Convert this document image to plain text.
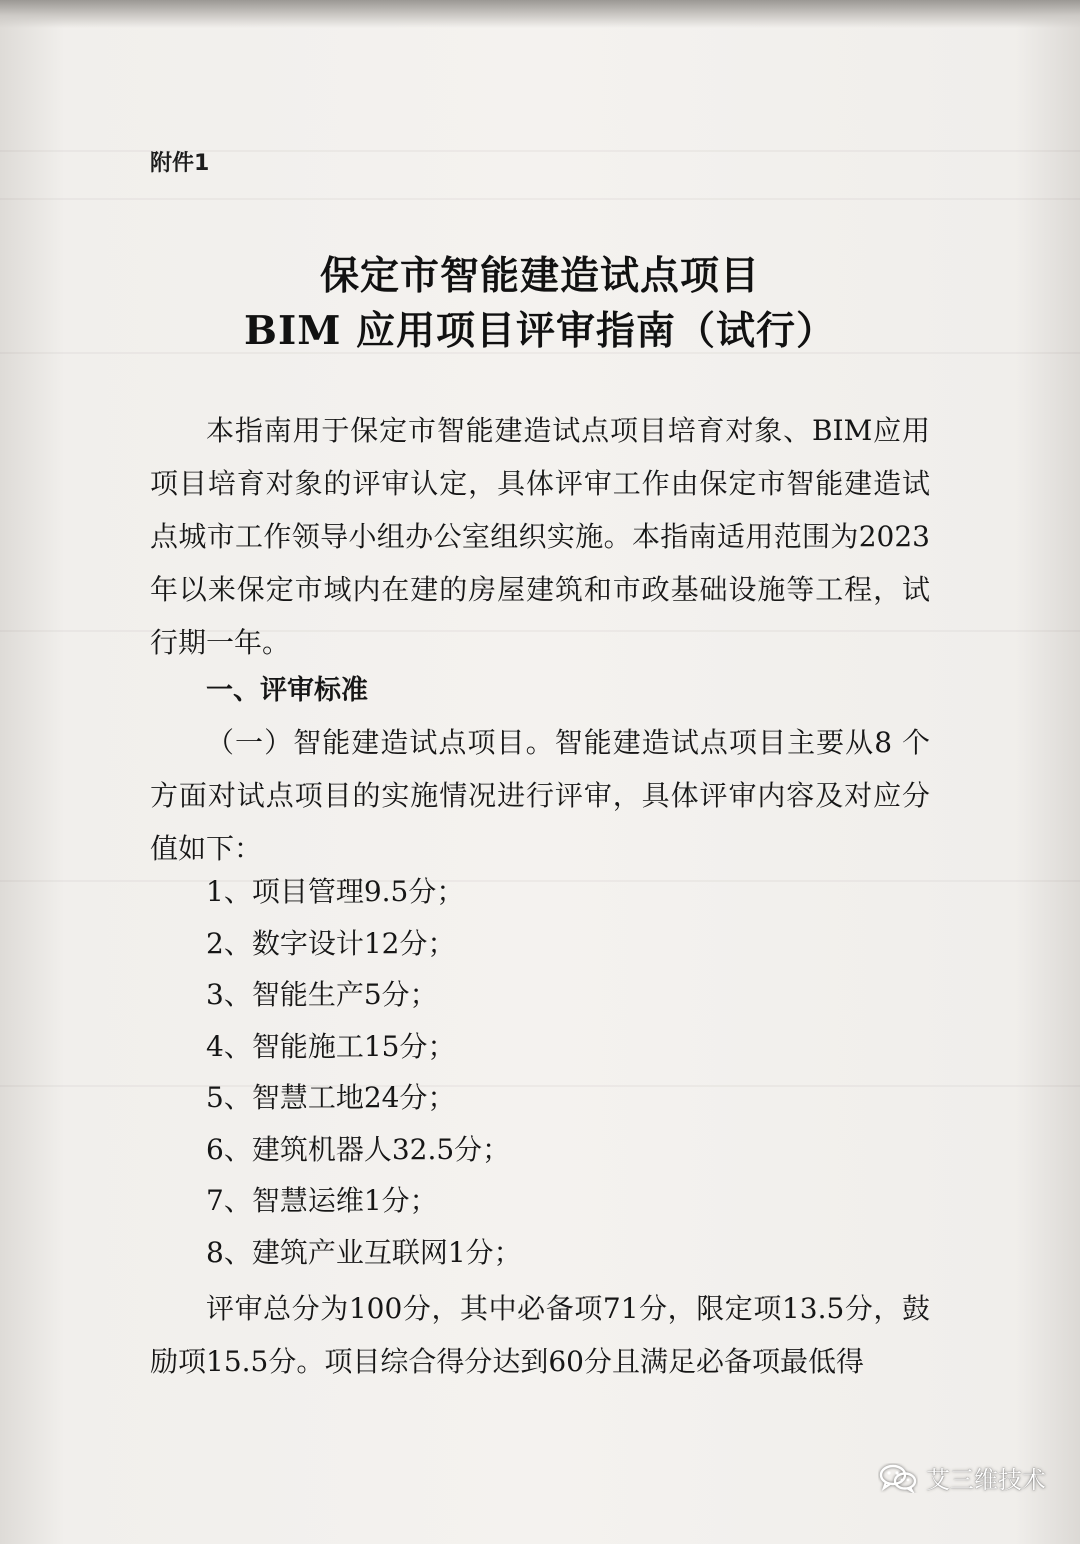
附件1

保定市智能建造试点项目
BIM 应用项目评审指南（试行）

本指南用于保定市智能建造试点项目培育对象、BIM应用项目培育对象的评审认定，具体评审工作由保定市智能建造试点城市工作领导小组办公室组织实施。本指南适用范围为2023年以来保定市域内在建的房屋建筑和市政基础设施等工程，试行期一年。

一、评审标准

（一）智能建造试点项目。智能建造试点项目主要从8 个方面对试点项目的实施情况进行评审，具体评审内容及对应分值如下：

1、项目管理9.5分；
2、数字设计12分；
3、智能生产5分；
4、智能施工15分；
5、智慧工地24分；
6、建筑机器人32.5分；
7、智慧运维1分；
8、建筑产业互联网1分；

评审总分为100分，其中必备项71分，限定项13.5分，鼓励项15.5分。项目综合得分达到60分且满足必备项最低得

艾三维技术
